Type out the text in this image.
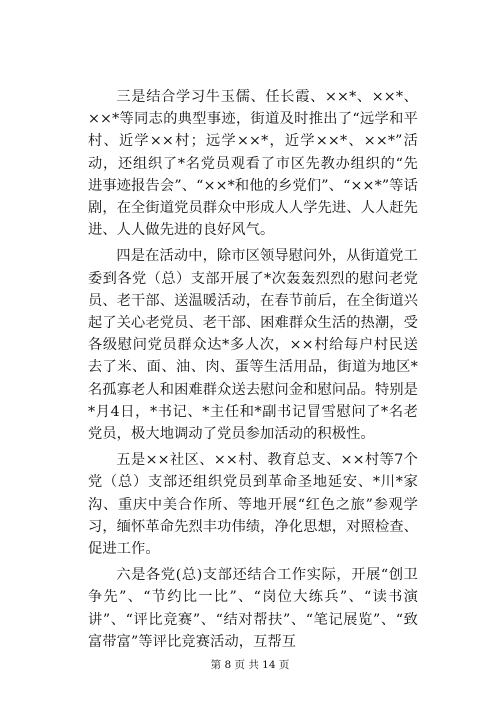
三是结合学习牛玉儒、任长霞、××*、××*、××*等同志的典型事迹，街道及时推出了“远学和平村、近学××村；远学××*，近学××*、××*”活动，还组织了*名党员观看了市区先教办组织的“先进事迹报告会”、“××*和他的乡党们”、“××*”等话剧，在全街道党员群众中形成人人学先进、人人赶先进、人人做先进的良好风气。

四是在活动中，除市区领导慰问外，从街道党工委到各党（总）支部开展了*次轰轰烈烈的慰问老党员、老干部、送温暖活动，在春节前后，在全街道兴起了关心老党员、老干部、困难群众生活的热潮，受各级慰问党员群众达*多人次，××村给每户村民送去了米、面、油、肉、蛋等生活用品，街道为地区*名孤寡老人和困难群众送去慰问金和慰问品。特别是*月4日，*书记、*主任和*副书记冒雪慰问了*名老党员，极大地调动了党员参加活动的积极性。

五是××社区、××村、教育总支、××村等7个党（总）支部还组织党员到革命圣地延安、*川*家沟、重庆中美合作所、等地开展“红色之旅”参观学习，缅怀革命先烈丰功伟绩，净化思想，对照检查、促进工作。

六是各党(总)支部还结合工作实际，开展“创卫争先”、“节约比一比”、“岗位大练兵”、“读书演讲”、“评比竞赛”、“结对帮扶”、“笔记展览”、“致富带富”等评比竞赛活动，互帮互

第 8 页 共 14 页
